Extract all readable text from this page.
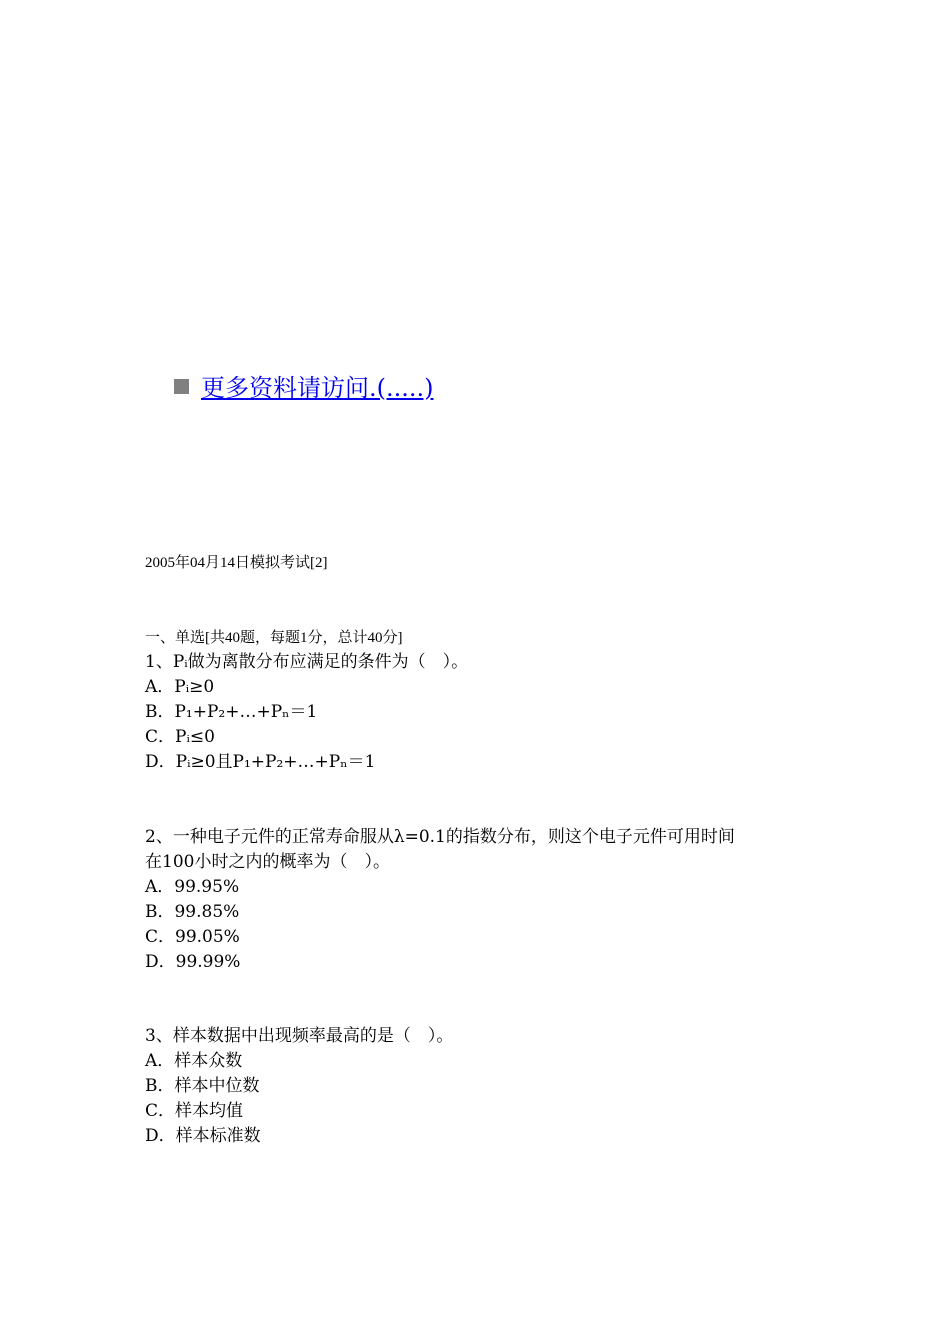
更多资料请访问.(.....)
2005年04月14日模拟考试[2]
一、单选[共40题，每题1分，总计40分]
1、Pᵢ做为离散分布应满足的条件为（　）。
A．Pᵢ≥0
B．P₁+P₂+…+Pₙ＝1
C．Pᵢ≤0
D．Pᵢ≥0且P₁+P₂+…+Pₙ＝1
2、一种电子元件的正常寿命服从λ=0.1的指数分布，则这个电子元件可用时间
在100小时之内的概率为（　）。
A．99.95%
B．99.85%
C．99.05%
D．99.99%
3、样本数据中出现频率最高的是（　）。
A．样本众数
B．样本中位数
C．样本均值
D．样本标准数
